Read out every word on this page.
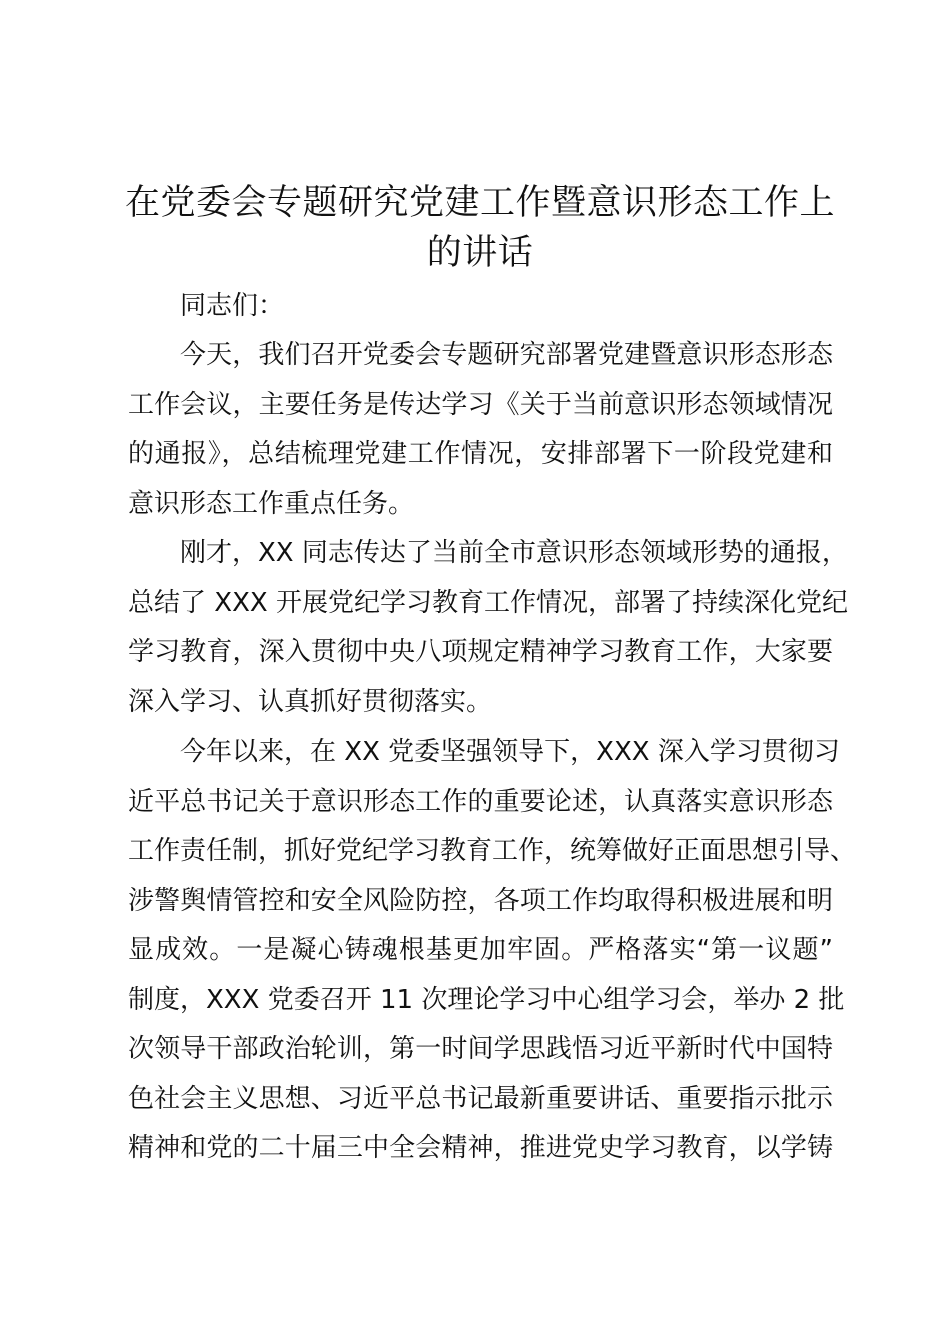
在党委会专题研究党建工作暨意识形态工作上
的讲话
同志们：
今天，我们召开党委会专题研究部署党建暨意识形态形态
工作会议，主要任务是传达学习《关于当前意识形态领域情况
的通报》，总结梳理党建工作情况，安排部署下一阶段党建和
意识形态工作重点任务。
刚才，XX 同志传达了当前全市意识形态领域形势的通报，
总结了 XXX 开展党纪学习教育工作情况，部署了持续深化党纪
学习教育，深入贯彻中央八项规定精神学习教育工作，大家要
深入学习、认真抓好贯彻落实。
今年以来，在 XX 党委坚强领导下，XXX 深入学习贯彻习
近平总书记关于意识形态工作的重要论述，认真落实意识形态
工作责任制，抓好党纪学习教育工作，统筹做好正面思想引导、
涉警舆情管控和安全风险防控，各项工作均取得积极进展和明
显成效。一是凝心铸魂根基更加牢固。严格落实“第一议题”
制度，XXX 党委召开 11 次理论学习中心组学习会，举办 2 批
次领导干部政治轮训，第一时间学思践悟习近平新时代中国特
色社会主义思想、习近平总书记最新重要讲话、重要指示批示
精神和党的二十届三中全会精神，推进党史学习教育，以学铸
